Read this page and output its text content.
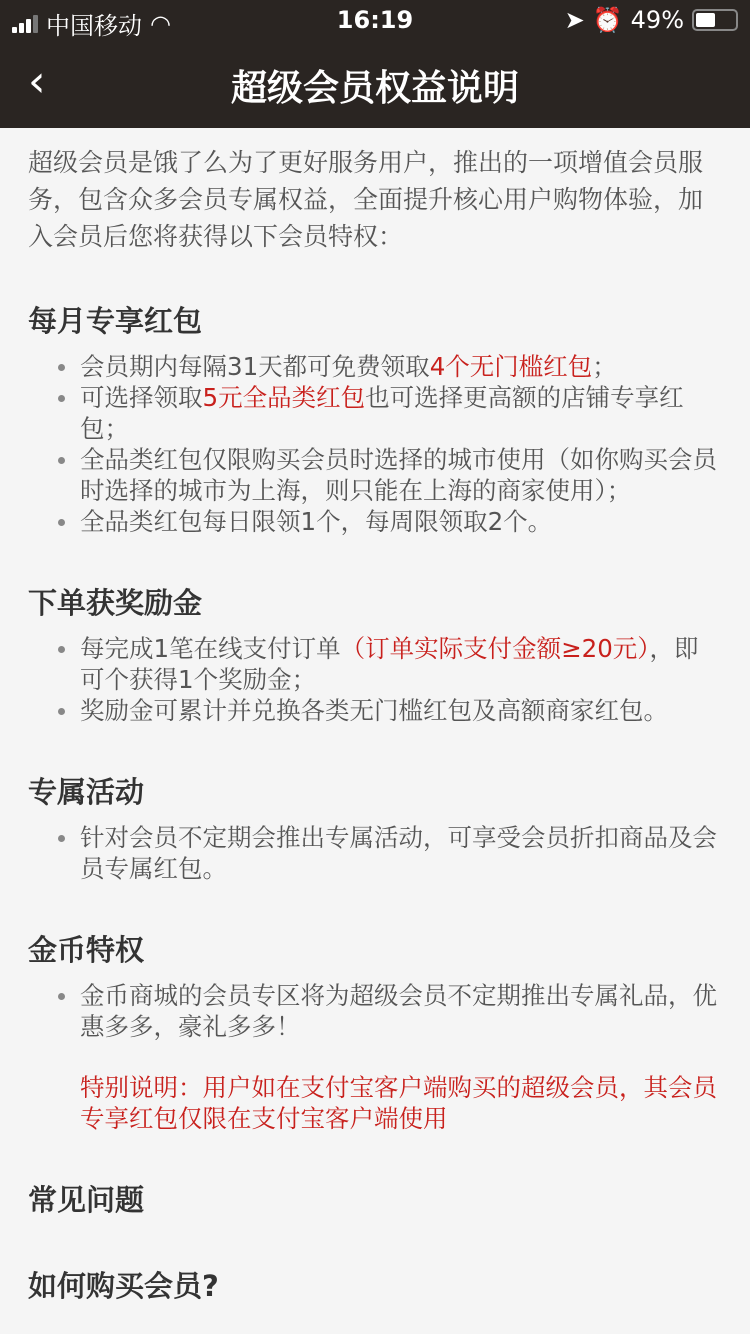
中国移动 ︎◠	16:19	➤ ⏰ 49%
‹	超级会员权益说明

超级会员是饿了么为了更好服务用户，推出的一项增值会员服务，包含众多会员专属权益，全面提升核心用户购物体验，加入会员后您将获得以下会员特权：

每月专享红包
会员期内每隔31天都可免费领取4个无门槛红包；
可选择领取5元全品类红包也可选择更高额的店铺专享红包；
全品类红包仅限购买会员时选择的城市使用（如你购买会员时选择的城市为上海，则只能在上海的商家使用）；
全品类红包每日限领1个，每周限领取2个。
下单获奖励金
每完成1笔在线支付订单（订单实际支付金额≥20元），即可个获得1个奖励金；
奖励金可累计并兑换各类无门槛红包及高额商家红包。
专属活动
针对会员不定期会推出专属活动，可享受会员折扣商品及会员专属红包。
金币特权
金币商城的会员专区将为超级会员不定期推出专属礼品，优惠多多，豪礼多多！

特别说明：用户如在支付宝客户端购买的超级会员，其会员专享红包仅限在支付宝客户端使用

常见问题
如何购买会员?
